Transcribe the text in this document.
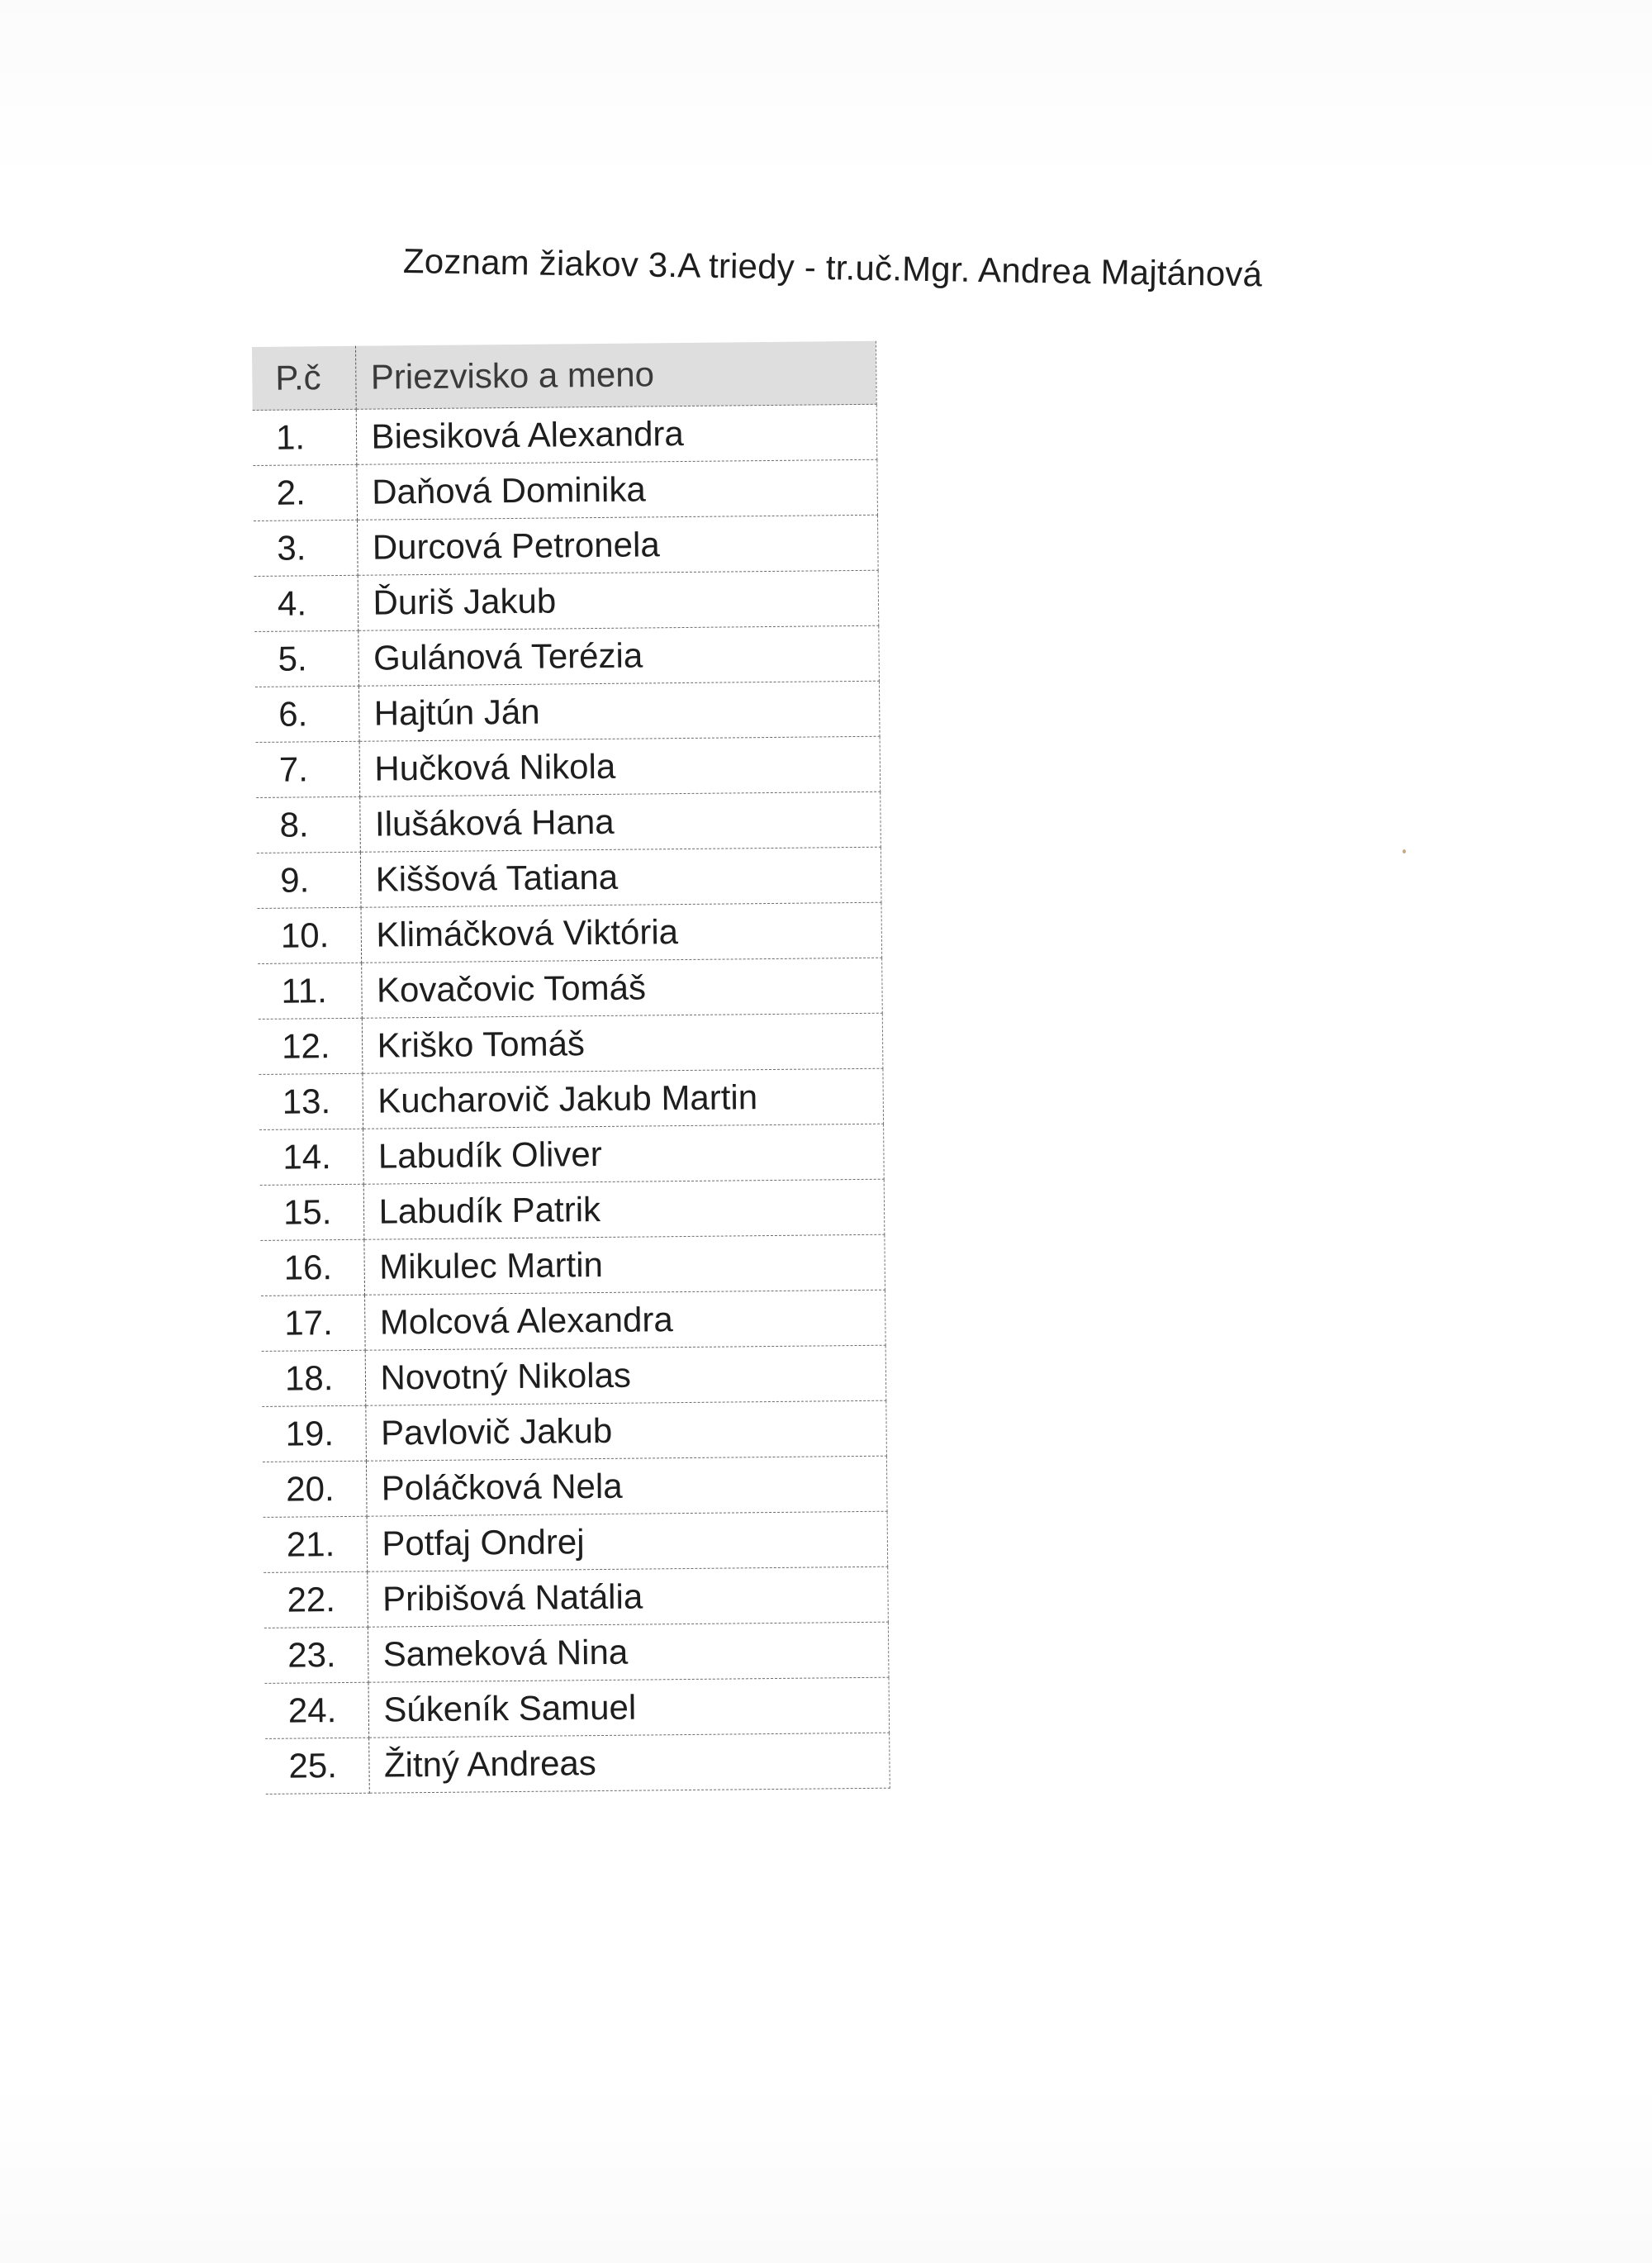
Zoznam žiakov 3.A triedy - tr.uč.Mgr. Andrea Majtánová
P.č	Priezvisko a meno
1.	Biesiková Alexandra
2.	Daňová Dominika
3.	Durcová Petronela
4.	Ďuriš Jakub
5.	Gulánová Terézia
6.	Hajtún Ján
7.	Hučková Nikola
8.	Ilušáková Hana
9.	Kiššová Tatiana
10.	Klimáčková Viktória
11.	Kovačovic Tomáš
12.	Kriško Tomáš
13.	Kucharovič Jakub Martin
14.	Labudík Oliver
15.	Labudík Patrik
16.	Mikulec Martin
17.	Molcová Alexandra
18.	Novotný Nikolas
19.	Pavlovič Jakub
20.	Poláčková Nela
21.	Potfaj Ondrej
22.	Pribišová Natália
23.	Sameková Nina
24.	Súkeník Samuel
25.	Žitný Andreas
